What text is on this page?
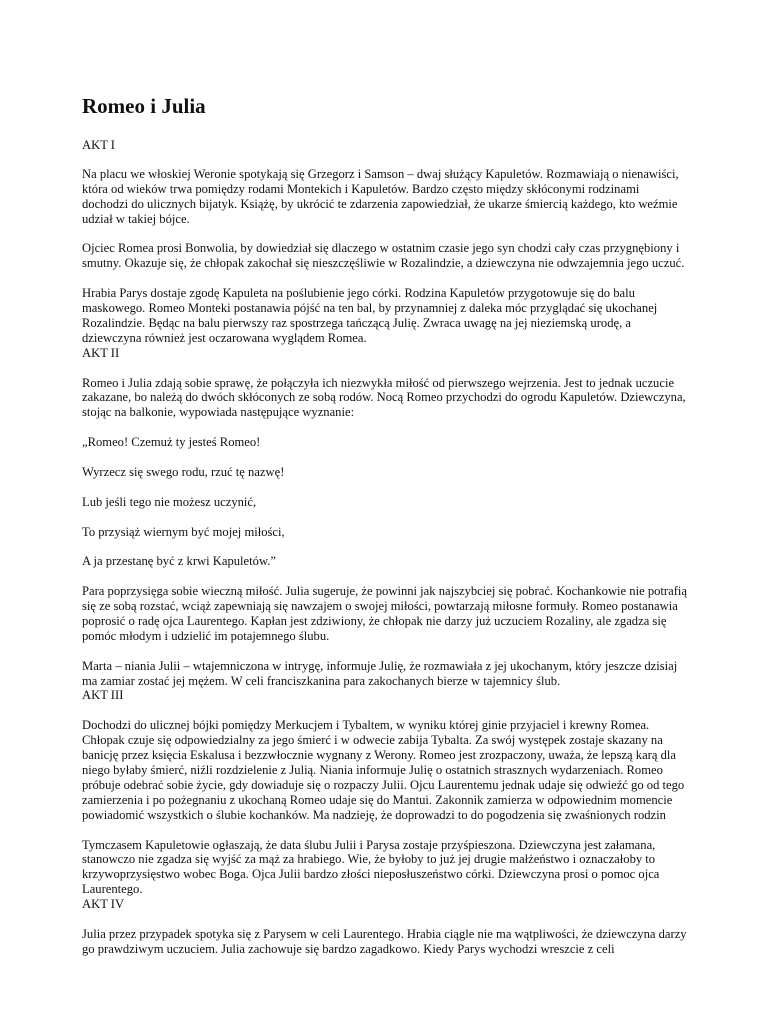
Romeo i Julia
AKT I

Na placu we włoskiej Weronie spotykają się Grzegorz i Samson – dwaj służący Kapuletów. Rozmawiają o nienawiści, która od wieków trwa pomiędzy rodami Montekich i Kapuletów. Bardzo często między skłóconymi rodzinami dochodzi do ulicznych bijatyk. Książę, by ukrócić te zdarzenia zapowiedział, że ukarze śmiercią każdego, kto weźmie udział w takiej bójce.

Ojciec Romea prosi Bonwolia, by dowiedział się dlaczego w ostatnim czasie jego syn chodzi cały czas przygnębiony i smutny. Okazuje się, że chłopak zakochał się nieszczęśliwie w Rozalindzie, a dziewczyna nie odwzajemnia jego uczuć.

Hrabia Parys dostaje zgodę Kapuleta na poślubienie jego córki. Rodzina Kapuletów przygotowuje się do balu maskowego. Romeo Monteki postanawia pójść na ten bal, by przynamniej z daleka móc przyglądać się ukochanej Rozalindzie. Będąc na balu pierwszy raz spostrzega tańczącą Julię. Zwraca uwagę na jej nieziemską urodę, a dziewczyna również jest oczarowana wyglądem Romea.

AKT II

Romeo i Julia zdają sobie sprawę, że połączyła ich niezwykła miłość od pierwszego wejrzenia. Jest to jednak uczucie zakazane, bo należą do dwóch skłóconych ze sobą rodów. Nocą Romeo przychodzi do ogrodu Kapuletów. Dziewczyna, stojąc na balkonie, wypowiada następujące wyznanie:

„Romeo! Czemuż ty jesteś Romeo!

Wyrzecz się swego rodu, rzuć tę nazwę!

Lub jeśli tego nie możesz uczynić,

To przysiąż wiernym być mojej miłości,

A ja przestanę być z krwi Kapuletów.”

Para poprzysięga sobie wieczną miłość. Julia sugeruje, że powinni jak najszybciej się pobrać. Kochankowie nie potrafią się ze sobą rozstać, wciąż zapewniają się nawzajem o swojej miłości, powtarzają miłosne formuły. Romeo postanawia poprosić o radę ojca Laurentego. Kapłan jest zdziwiony, że chłopak nie darzy już uczuciem Rozaliny, ale zgadza się pomóc młodym i udzielić im potajemnego ślubu.

Marta – niania Julii – wtajemniczona w intrygę, informuje Julię, że rozmawiała z jej ukochanym, który jeszcze dzisiaj ma zamiar zostać jej mężem. W celi franciszkanina para zakochanych bierze w tajemnicy ślub.

AKT III

Dochodzi do ulicznej bójki pomiędzy Merkucjem i Tybaltem, w wyniku której ginie przyjaciel i krewny Romea. Chłopak czuje się odpowiedzialny za jego śmierć i w odwecie zabija Tybalta. Za swój występek zostaje skazany na banicję przez księcia Eskalusa i bezzwłocznie wygnany z Werony. Romeo jest zrozpaczony, uważa, że lepszą karą dla niego byłaby śmierć, niźli rozdzielenie z Julią. Niania informuje Julię o ostatnich strasznych wydarzeniach. Romeo próbuje odebrać sobie życie, gdy dowiaduje się o rozpaczy Julii. Ojcu Laurentemu jednak udaje się odwieźć go od tego zamierzenia i po pożegnaniu z ukochaną Romeo udaje się do Mantui. Zakonnik zamierza w odpowiednim momencie powiadomić wszystkich o ślubie kochanków. Ma nadzieję, że doprowadzi to do pogodzenia się zwaśnionych rodzin

Tymczasem Kapuletowie ogłaszają, że data ślubu Julii i Parysa zostaje przyśpieszona. Dziewczyna jest załamana, stanowczo nie zgadza się wyjść za mąż za hrabiego. Wie, że byłoby to już jej drugie małżeństwo i oznaczałoby to krzywoprzysięstwo wobec Boga. Ojca Julii bardzo złości nieposłuszeństwo córki. Dziewczyna prosi o pomoc ojca Laurentego.

AKT IV

Julia przez przypadek spotyka się z Parysem w celi Laurentego. Hrabia ciągle nie ma wątpliwości, że dziewczyna darzy go prawdziwym uczuciem. Julia zachowuje się bardzo zagadkowo. Kiedy Parys wychodzi wreszcie z celi
